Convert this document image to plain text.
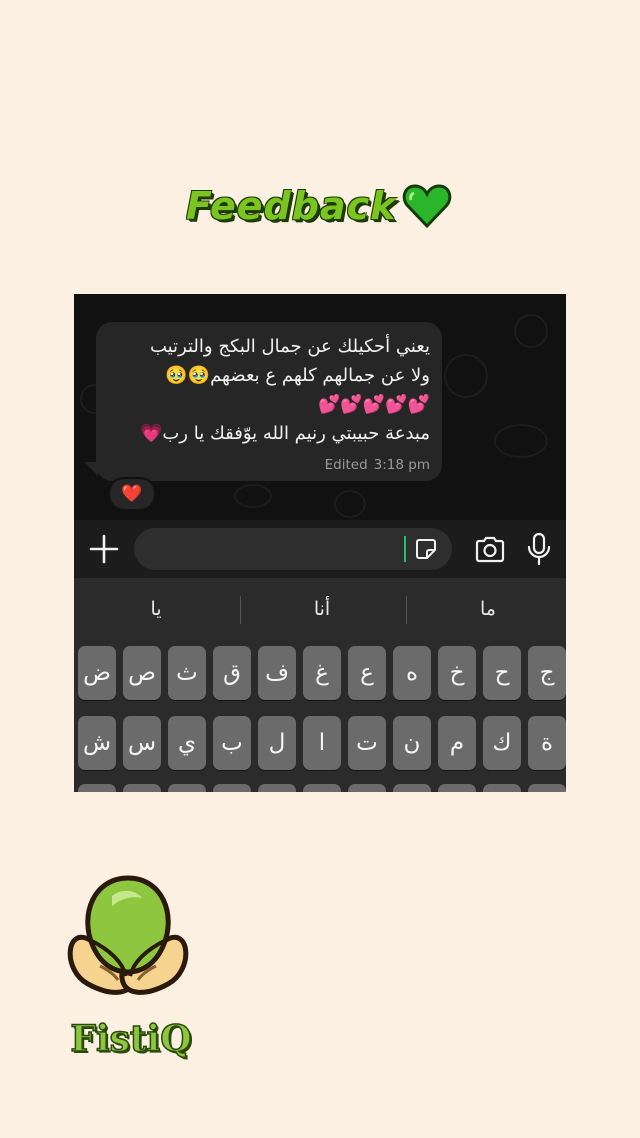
Feedback
يعني أحكيلك عن جمال البكج والترتيب
ولا عن جمالهم كلهم ع بعضهم🥹🥹
💕💕💕💕💕
مبدعة حبيبتي رنيم الله يوّفقك يا رب💗
Edited 3:18 pm
❤️
يا	أنا	ما
ض ص ث	ق	ف	غ	ع	ه	خ	ح	ج
ش س ي	ب	ل	ا	ت	ن	م	ك	ة
FistiQ
